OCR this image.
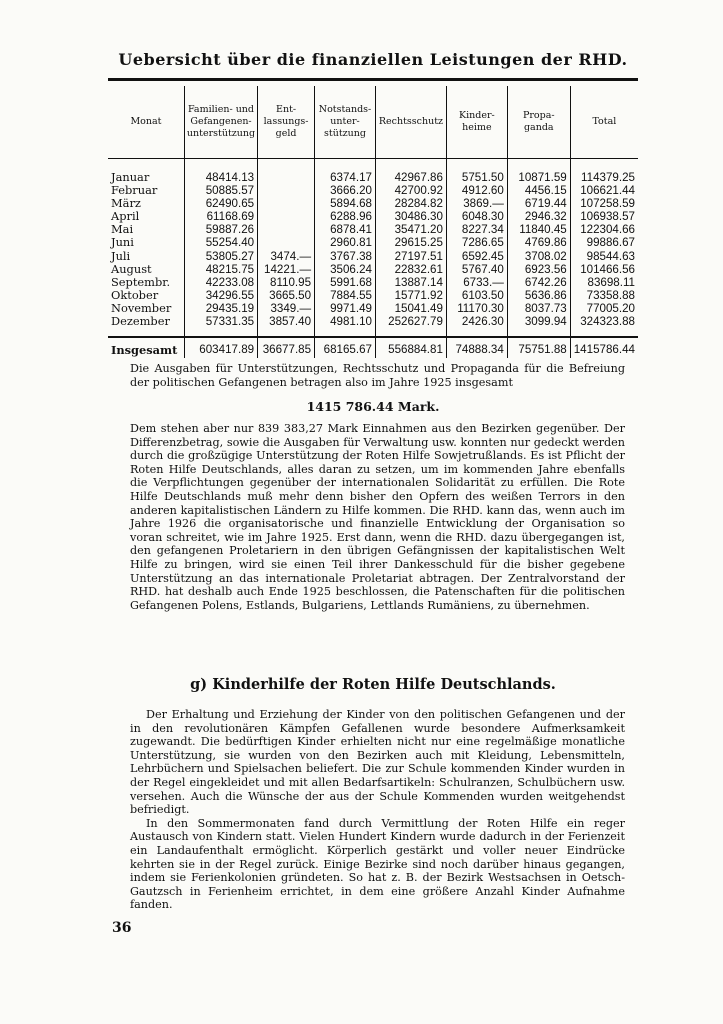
Uebersicht über die finanziellen Leistungen der RHD.
Monat	Familien- und Gefangenen- unterstützung	Ent- lassungs- geld	Notstands- unter- stützung	Rechtsschutz	Kinder- heime	Propa- ganda	Total
Januar	48414.13		6374.17	42967.86	5751.50	10871.59	114379.25
Februar	50885.57		3666.20	42700.92	4912.60	4456.15	106621.44
März	62490.65		5894.68	28284.82	3869.—	6719.44	107258.59
April	61168.69		6288.96	30486.30	6048.30	2946.32	106938.57
Mai	59887.26		6878.41	35471.20	8227.34	11840.45	122304.66
Juni	55254.40		2960.81	29615.25	7286.65	4769.86	99886.67
Juli	53805.27	3474.—	3767.38	27197.51	6592.45	3708.02	98544.63
August	48215.75	14221.—	3506.24	22832.61	5767.40	6923.56	101466.56
Septembr.	42233.08	8110.95	5991.68	13887.14	6733.—	6742.26	83698.11
Oktober	34296.55	3665.50	7884.55	15771.92	6103.50	5636.86	73358.88
November	29435.19	3349.—	9971.49	15041.49	11170.30	8037.73	77005.20
Dezember	57331.35	3857.40	4981.10	252627.79	2426.30	3099.94	324323.88
Insgesamt	603417.89	36677.85	68165.67	556884.81	74888.34	75751.88	1415786.44

Die Ausgaben für Unterstützungen, Rechtsschutz und Propaganda für die Befreiung der politischen Gefangenen betragen also im Jahre 1925 insgesamt

1415 786.44 Mark.

Dem stehen aber nur 839 383,27 Mark Einnahmen aus den Bezirken gegenüber. Der Differenzbetrag, sowie die Ausgaben für Verwaltung usw. konnten nur gedeckt werden durch die großzügige Unterstützung der Roten Hilfe Sowjetrußlands. Es ist Pflicht der Roten Hilfe Deutschlands, alles daran zu setzen, um im kommenden Jahre ebenfalls die Verpflichtungen gegenüber der internationalen Solidarität zu erfüllen. Die Rote Hilfe Deutschlands muß mehr denn bisher den Opfern des weißen Terrors in den anderen kapitalistischen Ländern zu Hilfe kommen. Die RHD. kann das, wenn auch im Jahre 1926 die organisatorische und finanzielle Entwicklung der Organisation so voran schreitet, wie im Jahre 1925. Erst dann, wenn die RHD. dazu übergegangen ist, den gefangenen Proletariern in den übrigen Gefängnissen der kapitalistischen Welt Hilfe zu bringen, wird sie einen Teil ihrer Dankesschuld für die bisher gegebene Unterstützung an das internationale Proletariat abtragen. Der Zentralvorstand der RHD. hat deshalb auch Ende 1925 beschlossen, die Patenschaften für die politischen Gefangenen Polens, Estlands, Bulgariens, Lettlands Rumäniens, zu übernehmen.

g) Kinderhilfe der Roten Hilfe Deutschlands.

Der Erhaltung und Erziehung der Kinder von den politischen Gefangenen und der in den revolutionären Kämpfen Gefallenen wurde besondere Aufmerksamkeit zugewandt. Die bedürftigen Kinder erhielten nicht nur eine regelmäßige monatliche Unterstützung, sie wurden von den Bezirken auch mit Kleidung, Lebensmitteln, Lehrbüchern und Spielsachen beliefert. Die zur Schule kommenden Kinder wurden in der Regel eingekleidet und mit allen Bedarfsartikeln: Schulranzen, Schulbüchern usw. versehen. Auch die Wünsche der aus der Schule Kommenden wurden weitgehendst befriedigt.

In den Sommermonaten fand durch Vermittlung der Roten Hilfe ein reger Austausch von Kindern statt. Vielen Hundert Kindern wurde dadurch in der Ferienzeit ein Landaufenthalt ermöglicht. Körperlich gestärkt und voller neuer Eindrücke kehrten sie in der Regel zurück. Einige Bezirke sind noch darüber hinaus gegangen, indem sie Ferienkolonien gründeten. So hat z. B. der Bezirk Westsachsen in Oetsch-Gautzsch in Ferienheim errichtet, in dem eine größere Anzahl Kinder Aufnahme fanden.

36
